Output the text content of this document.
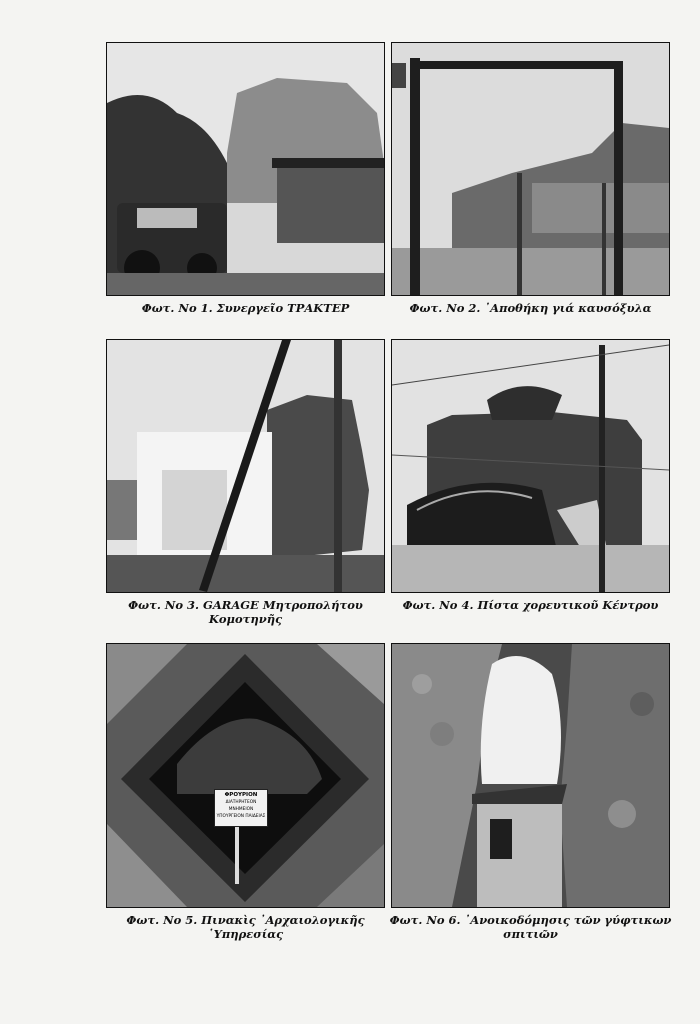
Φωτ. Νο 1. Συνεργεῖο ΤΡΑΚΤΕΡ	Φωτ. Νο 2. ᾿Αποθήκη γιά καυσόξυλα
Φωτ. Νο 3. GARAGE Μητροπολήτου
Κομοτηνῆς
Φωτ. Νο 4. Πίστα χορευτικοῦ Κέντρου
ΦΡΟΥΡΙΟΝ
ΔΙΑΤΗΡΗΤΕΟΝ ΜΝΗΜΕΙΟΝ
ΥΠΟΥΡΓΕΙΟΝ ΠΑΙΔΕΙΑΣ
Φωτ. Νο 5. Πινακὶς ᾿Αρχαιολογικῆς
῾Υπηρεσίας
Φωτ. Νο 6. ᾿Ανοικοδόμησις τῶν γύφτικων
σπιτιῶν
